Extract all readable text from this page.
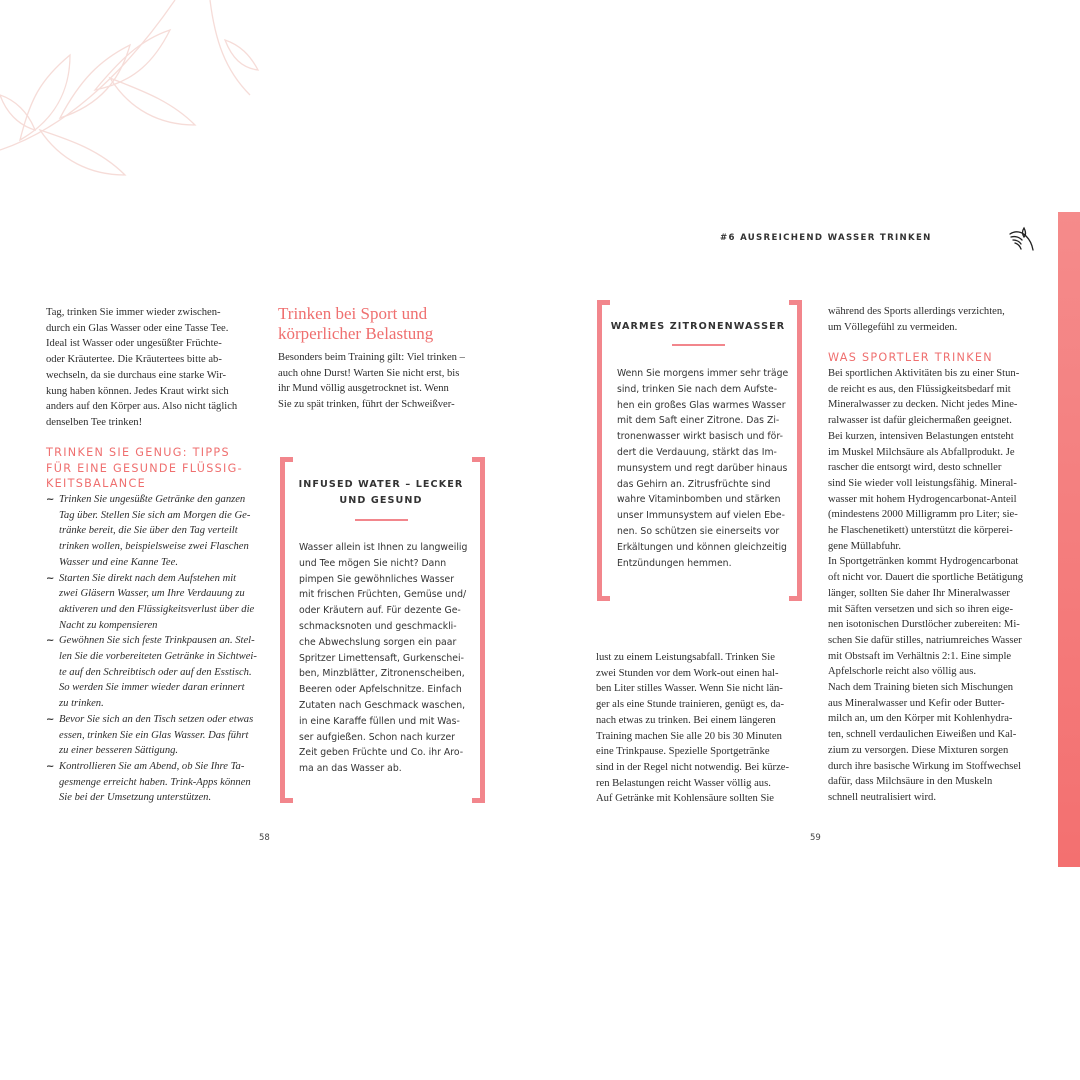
#6 AUSREICHEND WASSER TRINKEN
Tag, trinken Sie immer wieder zwischen-
durch ein Glas Wasser oder eine Tasse Tee.
Ideal ist Wasser oder ungesüßter Früchte-
oder Kräutertee. Die Kräutertees bitte ab-
wechseln, da sie durchaus eine starke Wir-
kung haben können. Jedes Kraut wirkt sich
anders auf den Körper aus. Also nicht täglich
denselben Tee trinken!
TRINKEN SIE GENUG: TIPPS
FÜR EINE GESUNDE FLÜSSIG-
KEITSBALANCE
~ Trinken Sie ungesüßte Getränke den ganzen
Tag über. Stellen Sie sich am Morgen die Ge-
tränke bereit, die Sie über den Tag verteilt
trinken wollen, beispielsweise zwei Flaschen
Wasser und eine Kanne Tee.
~ Starten Sie direkt nach dem Aufstehen mit
zwei Gläsern Wasser, um Ihre Verdauung zu
aktiveren und den Flüssigkeitsverlust über die
Nacht zu kompensieren
~ Gewöhnen Sie sich feste Trinkpausen an. Stel-
len Sie die vorbereiteten Getränke in Sichtwei-
te auf den Schreibtisch oder auf den Esstisch.
So werden Sie immer wieder daran erinnert
zu trinken.
~ Bevor Sie sich an den Tisch setzen oder etwas
essen, trinken Sie ein Glas Wasser. Das führt
zu einer besseren Sättigung.
~ Kontrollieren Sie am Abend, ob Sie Ihre Ta-
gesmenge erreicht haben. Trink-Apps können
Sie bei der Umsetzung unterstützen.
Trinken bei Sport und
körperlicher Belastung
Besonders beim Training gilt: Viel trinken –
auch ohne Durst! Warten Sie nicht erst, bis
ihr Mund völlig ausgetrocknet ist. Wenn
Sie zu spät trinken, führt der Schweißver-
INFUSED WATER – LECKER
UND GESUND
Wasser allein ist Ihnen zu langweilig
und Tee mögen Sie nicht? Dann
pimpen Sie gewöhnliches Wasser
mit frischen Früchten, Gemüse und/
oder Kräutern auf. Für dezente Ge-
schmacksnoten und geschmackli-
che Abwechslung sorgen ein paar
Spritzer Limettensaft, Gurkenschei-
ben, Minzblätter, Zitronenscheiben,
Beeren oder Apfelschnitze. Einfach
Zutaten nach Geschmack waschen,
in eine Karaffe füllen und mit Was-
ser aufgießen. Schon nach kurzer
Zeit geben Früchte und Co. ihr Aro-
ma an das Wasser ab.
58
WARMES ZITRONENWASSER
Wenn Sie morgens immer sehr träge
sind, trinken Sie nach dem Aufste-
hen ein großes Glas warmes Wasser
mit dem Saft einer Zitrone. Das Zi-
tronenwasser wirkt basisch und för-
dert die Verdauung, stärkt das Im-
munsystem und regt darüber hinaus
das Gehirn an. Zitrusfrüchte sind
wahre Vitaminbomben und stärken
unser Immunsystem auf vielen Ebe-
nen. So schützen sie einerseits vor
Erkältungen und können gleichzeitig
Entzündungen hemmen.
lust zu einem Leistungsabfall. Trinken Sie
zwei Stunden vor dem Work-out einen hal-
ben Liter stilles Wasser. Wenn Sie nicht län-
ger als eine Stunde trainieren, genügt es, da-
nach etwas zu trinken. Bei einem längeren
Training machen Sie alle 20 bis 30 Minuten
eine Trinkpause. Spezielle Sportgetränke
sind in der Regel nicht notwendig. Bei kürze-
ren Belastungen reicht Wasser völlig aus.
Auf Getränke mit Kohlensäure sollten Sie
während des Sports allerdings verzichten,
um Völlegefühl zu vermeiden.
WAS SPORTLER TRINKEN
Bei sportlichen Aktivitäten bis zu einer Stun-
de reicht es aus, den Flüssigkeitsbedarf mit
Mineralwasser zu decken. Nicht jedes Mine-
ralwasser ist dafür gleichermaßen geeignet.
Bei kurzen, intensiven Belastungen entsteht
im Muskel Milchsäure als Abfallprodukt. Je
rascher die entsorgt wird, desto schneller
sind Sie wieder voll leistungsfähig. Mineral-
wasser mit hohem Hydrogencarbonat-Anteil
(mindestens 2000 Milligramm pro Liter; sie-
he Flaschenetikett) unterstützt die körperei-
gene Müllabfuhr.
In Sportgetränken kommt Hydrogencarbonat
oft nicht vor. Dauert die sportliche Betätigung
länger, sollten Sie daher Ihr Mineralwasser
mit Säften versetzen und sich so ihren eige-
nen isotonischen Durstlöcher zubereiten: Mi-
schen Sie dafür stilles, natriumreiches Wasser
mit Obstsaft im Verhältnis 2:1. Eine simple
Apfelschorle reicht also völlig aus.
Nach dem Training bieten sich Mischungen
aus Mineralwasser und Kefir oder Butter-
milch an, um den Körper mit Kohlenhydra-
ten, schnell verdaulichen Eiweißen und Kal-
zium zu versorgen. Diese Mixturen sorgen
durch ihre basische Wirkung im Stoffwechsel
dafür, dass Milchsäure in den Muskeln
schnell neutralisiert wird.
59
